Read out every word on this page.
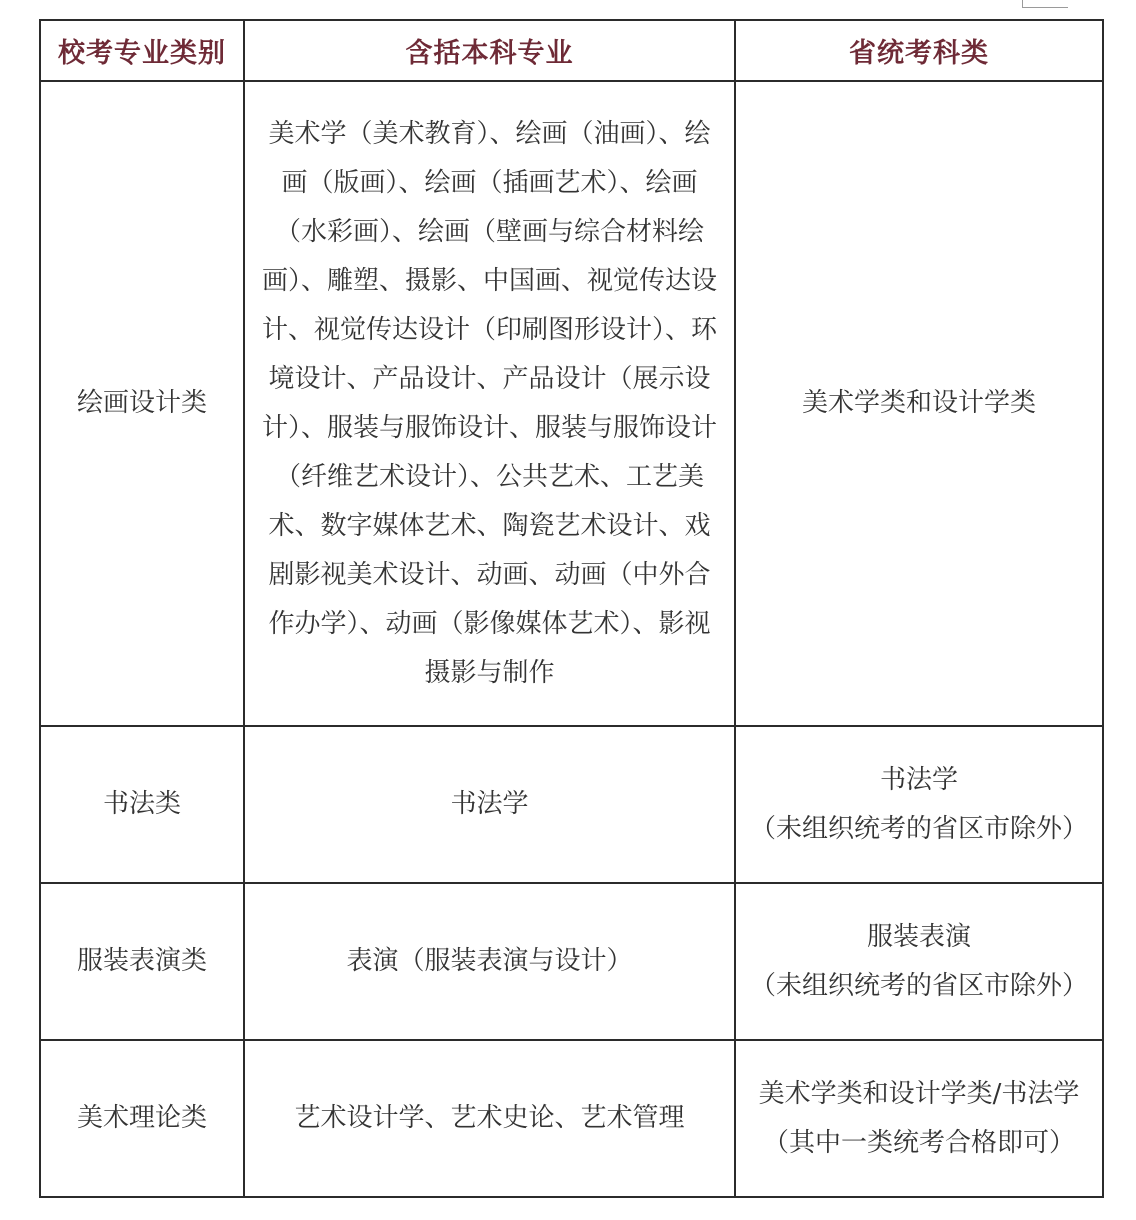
校考专业类别	含括本科专业	省统考科类
绘画设计类	美术学（美术教育）、绘画（油画）、绘画（版画）、绘画（插画艺术）、绘画（水彩画）、绘画（壁画与综合材料绘画）、雕塑、摄影、中国画、视觉传达设计、视觉传达设计（印刷图形设计）、环境设计、产品设计、产品设计（展示设计）、服装与服饰设计、服装与服饰设计（纤维艺术设计）、公共艺术、工艺美术、数字媒体艺术、陶瓷艺术设计、戏剧影视美术设计、动画、动画（中外合作办学）、动画（影像媒体艺术）、影视摄影与制作	美术学类和设计学类

书法类	书法学	书法学
（未组织统考的省区市除外）

服装表演类	表演（服装表演与设计）	服装表演
（未组织统考的省区市除外）

美术理论类	艺术设计学、艺术史论、艺术管理	美术学类和设计学类/书法学
（其中一类统考合格即可）
